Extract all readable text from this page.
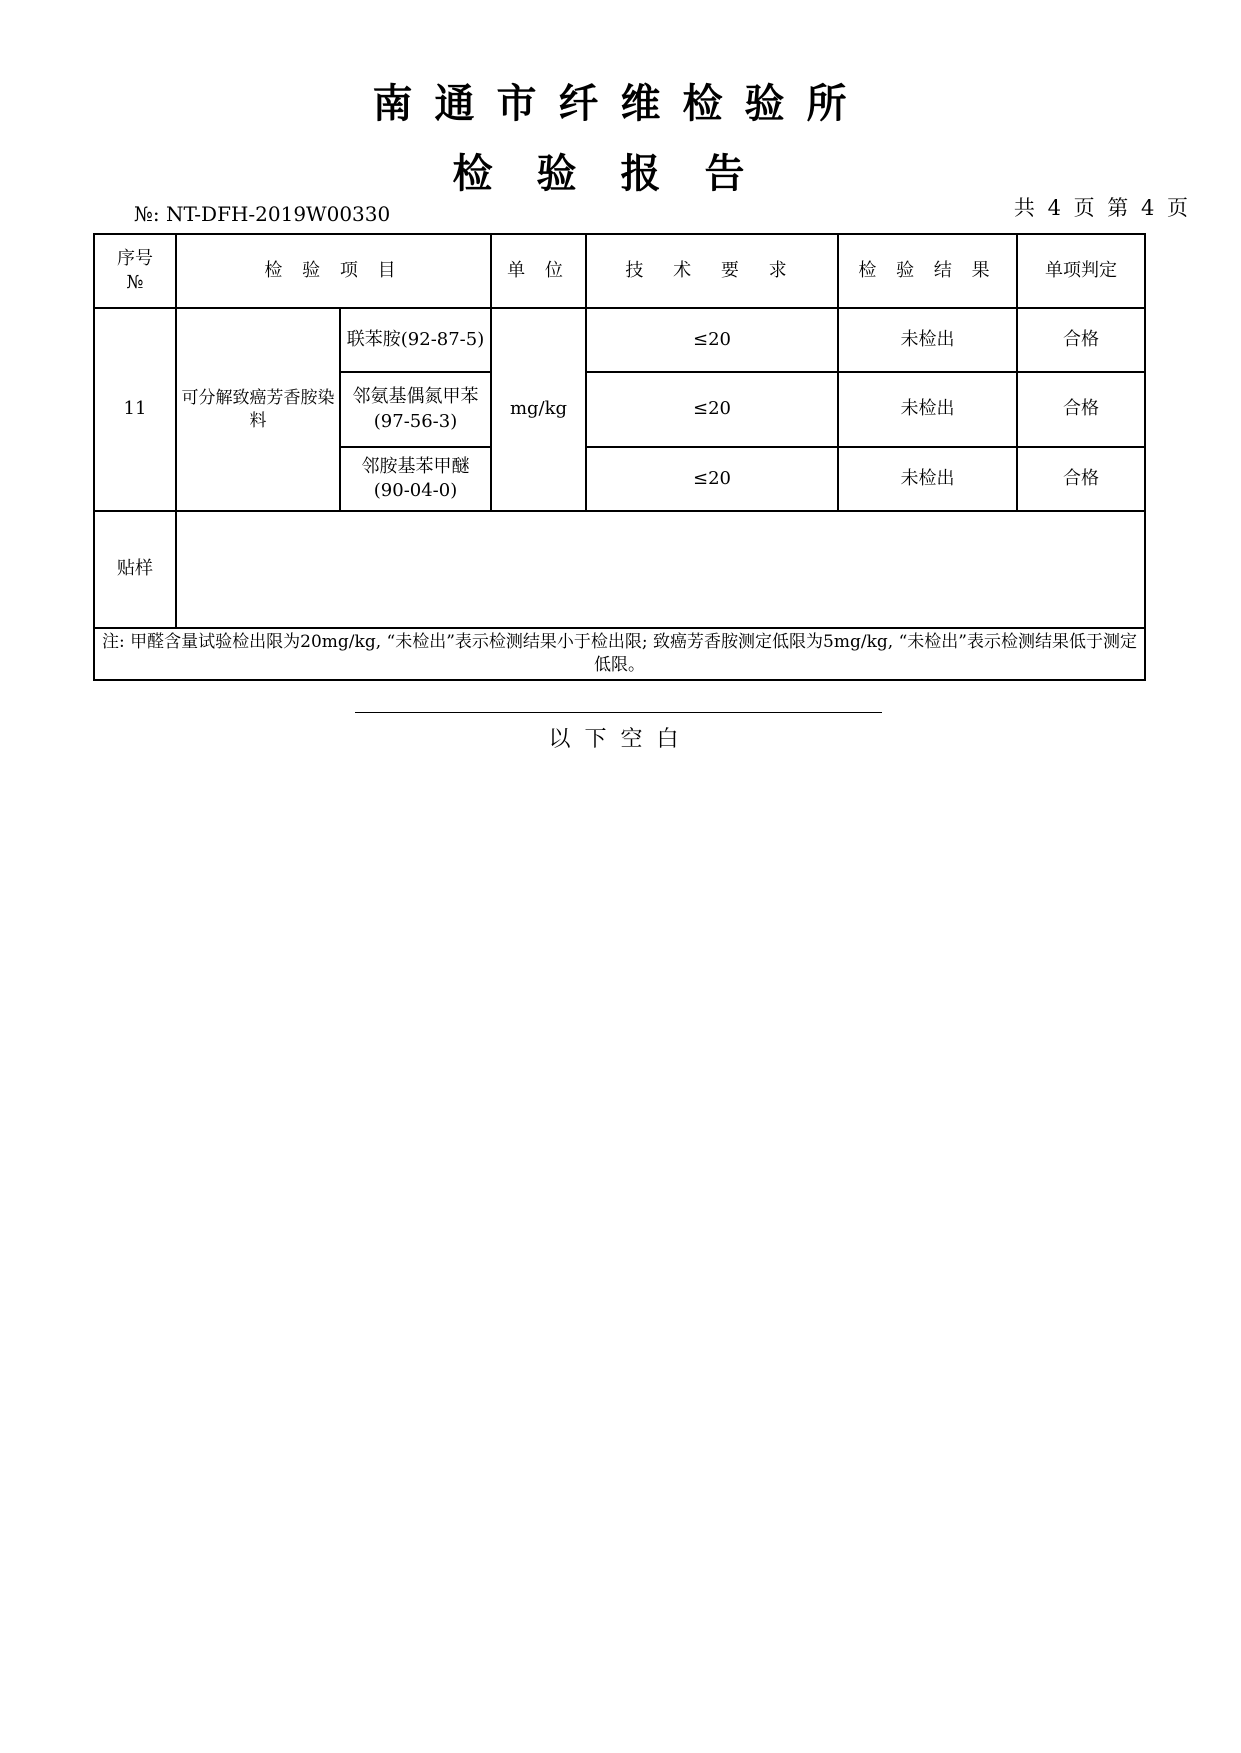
南通市纤维检验所
检验报告
№: NT-DFH-2019W00330	共 4 页 第 4 页
序号
№	检 验 项 目		单 位	技 术 要 求	检 验 结 果	单项判定
11	可分解致癌芳香胺染料	联苯胺(92-87-5)	mg/kg	≤20	未检出	合格
		邻氨基偶氮甲苯(97-56-3)		≤20	未检出	合格
		邻胺基苯甲醚(90-04-0)		≤20	未检出	合格
贴样						
注: 甲醛含量试验检出限为20mg/kg, “未检出”表示检测结果小于检出限; 致癌芳香胺测定低限为5mg/kg, “未检出”表示检测结果低于测定低限。						
以下空白
